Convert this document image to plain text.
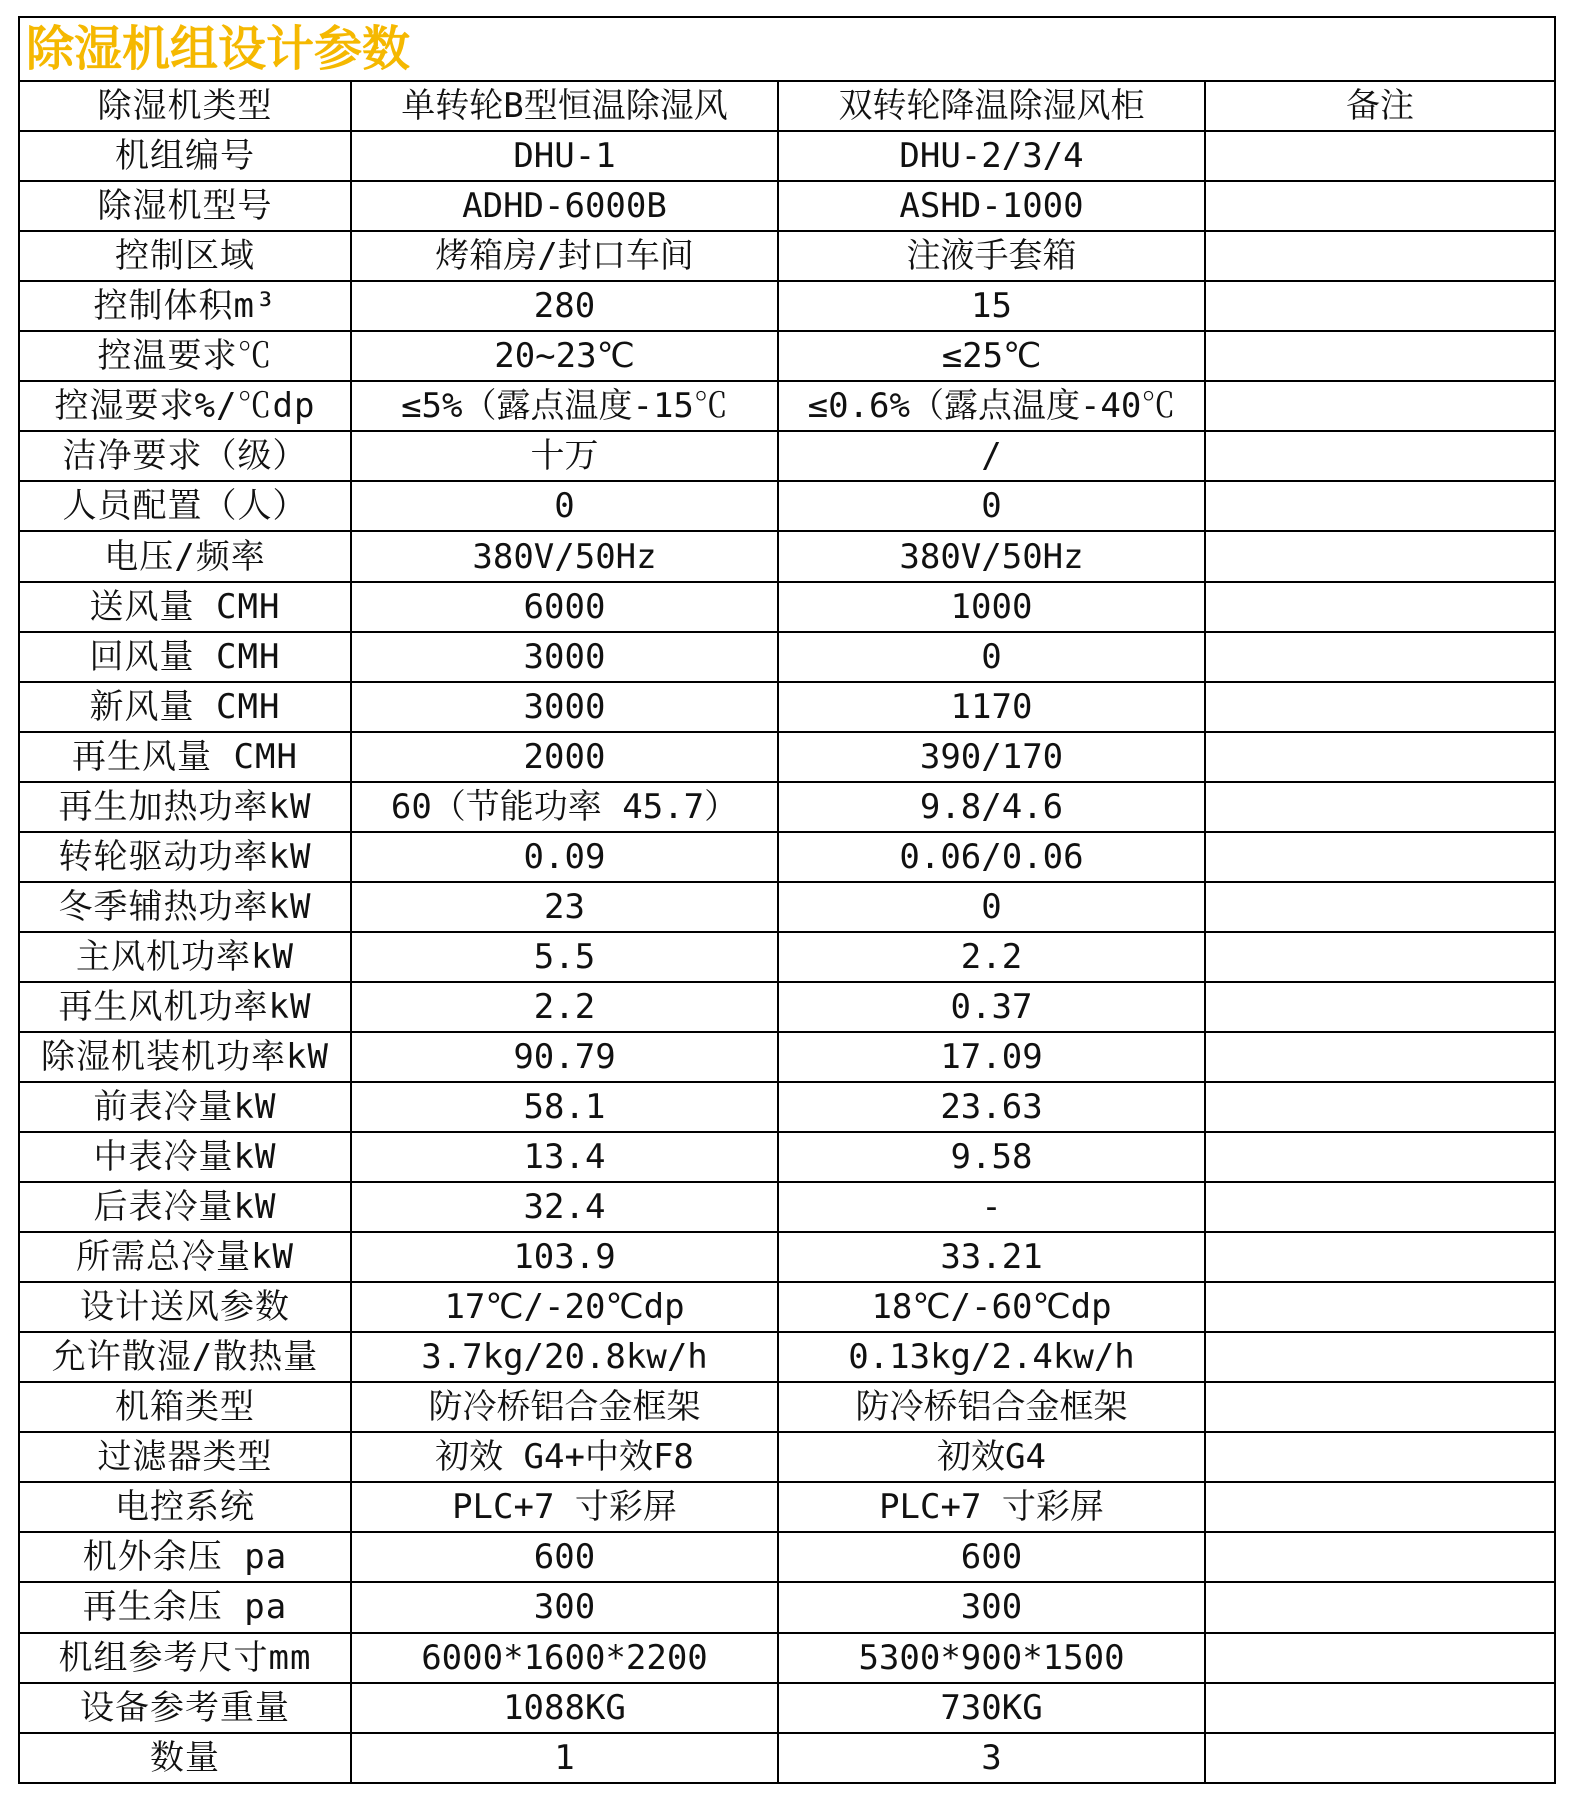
除湿机组设计参数			
除湿机类型	单转轮B型恒温除湿风	双转轮降温除湿风柜	备注
机组编号	DHU-1	DHU-2/3/4	
除湿机型号	ADHD-6000B	ASHD-1000	
控制区域	烤箱房/封口车间	注液手套箱	
控制体积m³	280	15	
控温要求℃	20~23℃	≤25℃	
控湿要求%/℃dp	≤5%（露点温度-15℃	≤0.6%（露点温度-40℃	
洁净要求（级）	十万	/	
人员配置（人）	0	0	
电压/频率	380V/50Hz	380V/50Hz	
送风量 CMH	6000	1000	
回风量 CMH	3000	0	
新风量 CMH	3000	1170	
再生风量 CMH	2000	390/170	
再生加热功率kW	60（节能功率 45.7）	9.8/4.6	
转轮驱动功率kW	0.09	0.06/0.06	
冬季辅热功率kW	23	0	
主风机功率kW	5.5	2.2	
再生风机功率kW	2.2	0.37	
除湿机装机功率kW	90.79	17.09	
前表冷量kW	58.1	23.63	
中表冷量kW	13.4	9.58	
后表冷量kW	32.4	-	
所需总冷量kW	103.9	33.21	
设计送风参数	17℃/-20℃dp	18℃/-60℃dp	
允许散湿/散热量	3.7kg/20.8kw/h	0.13kg/2.4kw/h	
机箱类型	防冷桥铝合金框架	防冷桥铝合金框架	
过滤器类型	初效 G4+中效F8	初效G4	
电控系统	PLC+7 寸彩屏	PLC+7 寸彩屏	
机外余压 pa	600	600	
再生余压 pa	300	300	
机组参考尺寸mm	6000*1600*2200	5300*900*1500	
设备参考重量	1088KG	730KG	
数量	1	3	
